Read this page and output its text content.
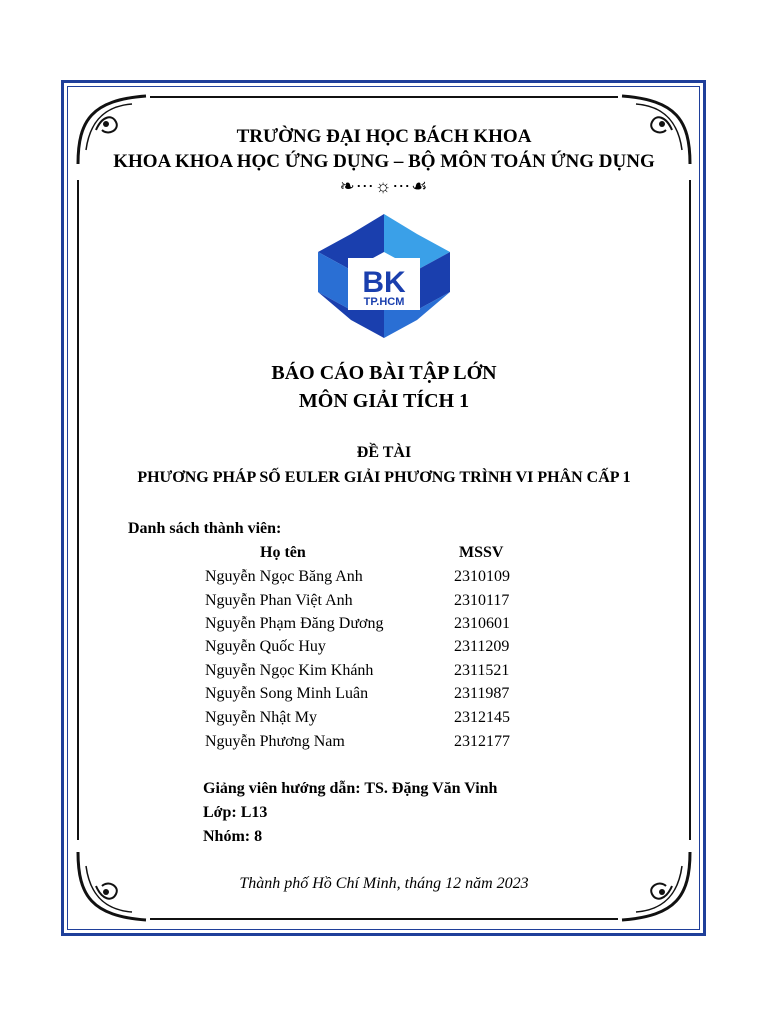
TRƯỜNG ĐẠI HỌC BÁCH KHOA
KHOA KHOA HỌC ỨNG DỤNG – BỘ MÔN TOÁN ỨNG DỤNG
❧⋯☼⋯☙
BK
TP.HCM
BÁO CÁO BÀI TẬP LỚN
MÔN GIẢI TÍCH 1
ĐỀ TÀI
PHƯƠNG PHÁP SỐ EULER GIẢI PHƯƠNG TRÌNH VI PHÂN CẤP 1
Danh sách thành viên:
Họ tên	MSSV
Nguyễn Ngọc Băng Anh	2310109
Nguyễn Phan Việt Anh	2310117
Nguyễn Phạm Đăng Dương	2310601
Nguyễn Quốc Huy	2311209
Nguyễn Ngọc Kim Khánh	2311521
Nguyễn Song Minh Luân	2311987
Nguyễn Nhật My	2312145
Nguyễn Phương Nam	2312177
Giảng viên hướng dẫn: TS. Đặng Văn Vinh
Lớp: L13
Nhóm: 8
Thành phố Hồ Chí Minh, tháng 12 năm 2023
